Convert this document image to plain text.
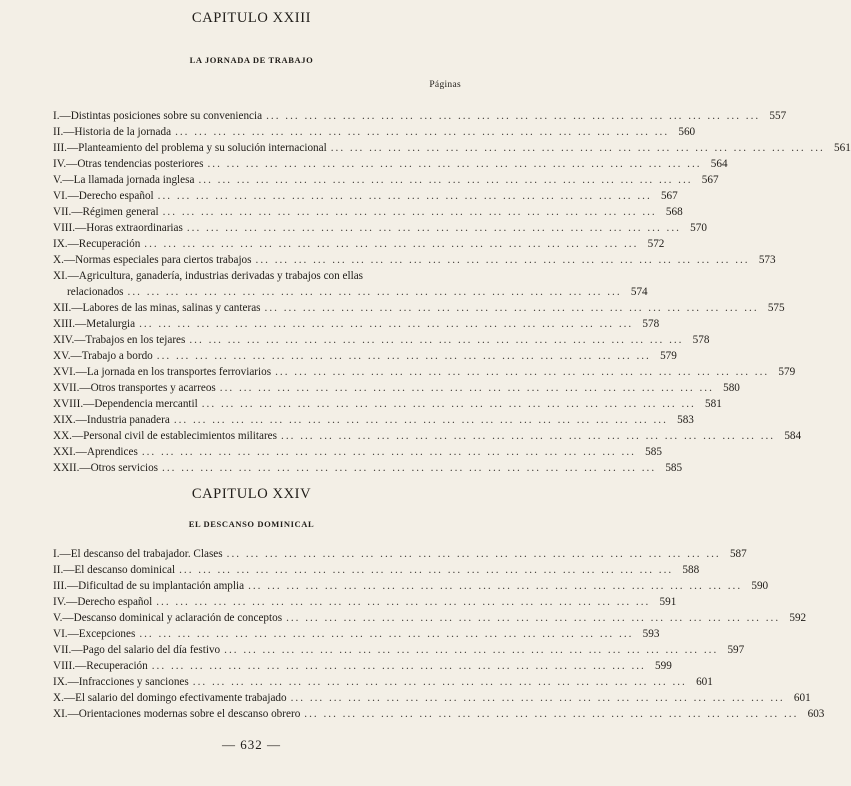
CAPITULO XXIII
LA JORNADA DE TRABAJO
Páginas
I.—Distintas posiciones sobre su conveniencia ... .	557
II.—Historia de la jornada ... .	560
III.—Planteamiento del problema y su solución internacional ... .	561
IV.—Otras tendencias posteriores ... .	564
V.—La llamada jornada inglesa ... .	567
VI.—Derecho español ... .	567
VII.—Régimen general ... .	568
VIII.—Horas extraordinarias ... .	570
IX.—Recuperación ... .	572
X.—Normas especiales para ciertos trabajos ... .	573
XI.—Agricultura, ganadería, industrias derivadas y trabajos con ellas
relacionados ... .	574
XII.—Labores de las minas, salinas y canteras ... .	575
XIII.—Metalurgia ... .	578
XIV.—Trabajos en los tejares ... .	578
XV.—Trabajo a bordo ... .	579
XVI.—La jornada en los transportes ferroviarios ... .	579
XVII.—Otros transportes y acarreos ... .	580
XVIII.—Dependencia mercantil ... .	581
XIX.—Industria panadera ... .	583
XX.—Personal civil de establecimientos militares ... .	584
XXI.—Aprendices ... .	585
XXII.—Otros servicios ... .	585
CAPITULO XXIV
EL DESCANSO DOMINICAL
I.—El descanso del trabajador. Clases ... .	587
II.—El descanso dominical ... .	588
III.—Dificultad de su implantación amplia ... .	590
IV.—Derecho español ... .	591
V.—Descanso dominical y aclaración de conceptos ... .	592
VI.—Excepciones ... .	593
VII.—Pago del salario del día festivo ... .	597
VIII.—Recuperación ... .	599
IX.—Infracciones y sanciones ... .	601
X.—El salario del domingo efectivamente trabajado ... .	601
XI.—Orientaciones modernas sobre el descanso obrero ... .	603
— 632 —
